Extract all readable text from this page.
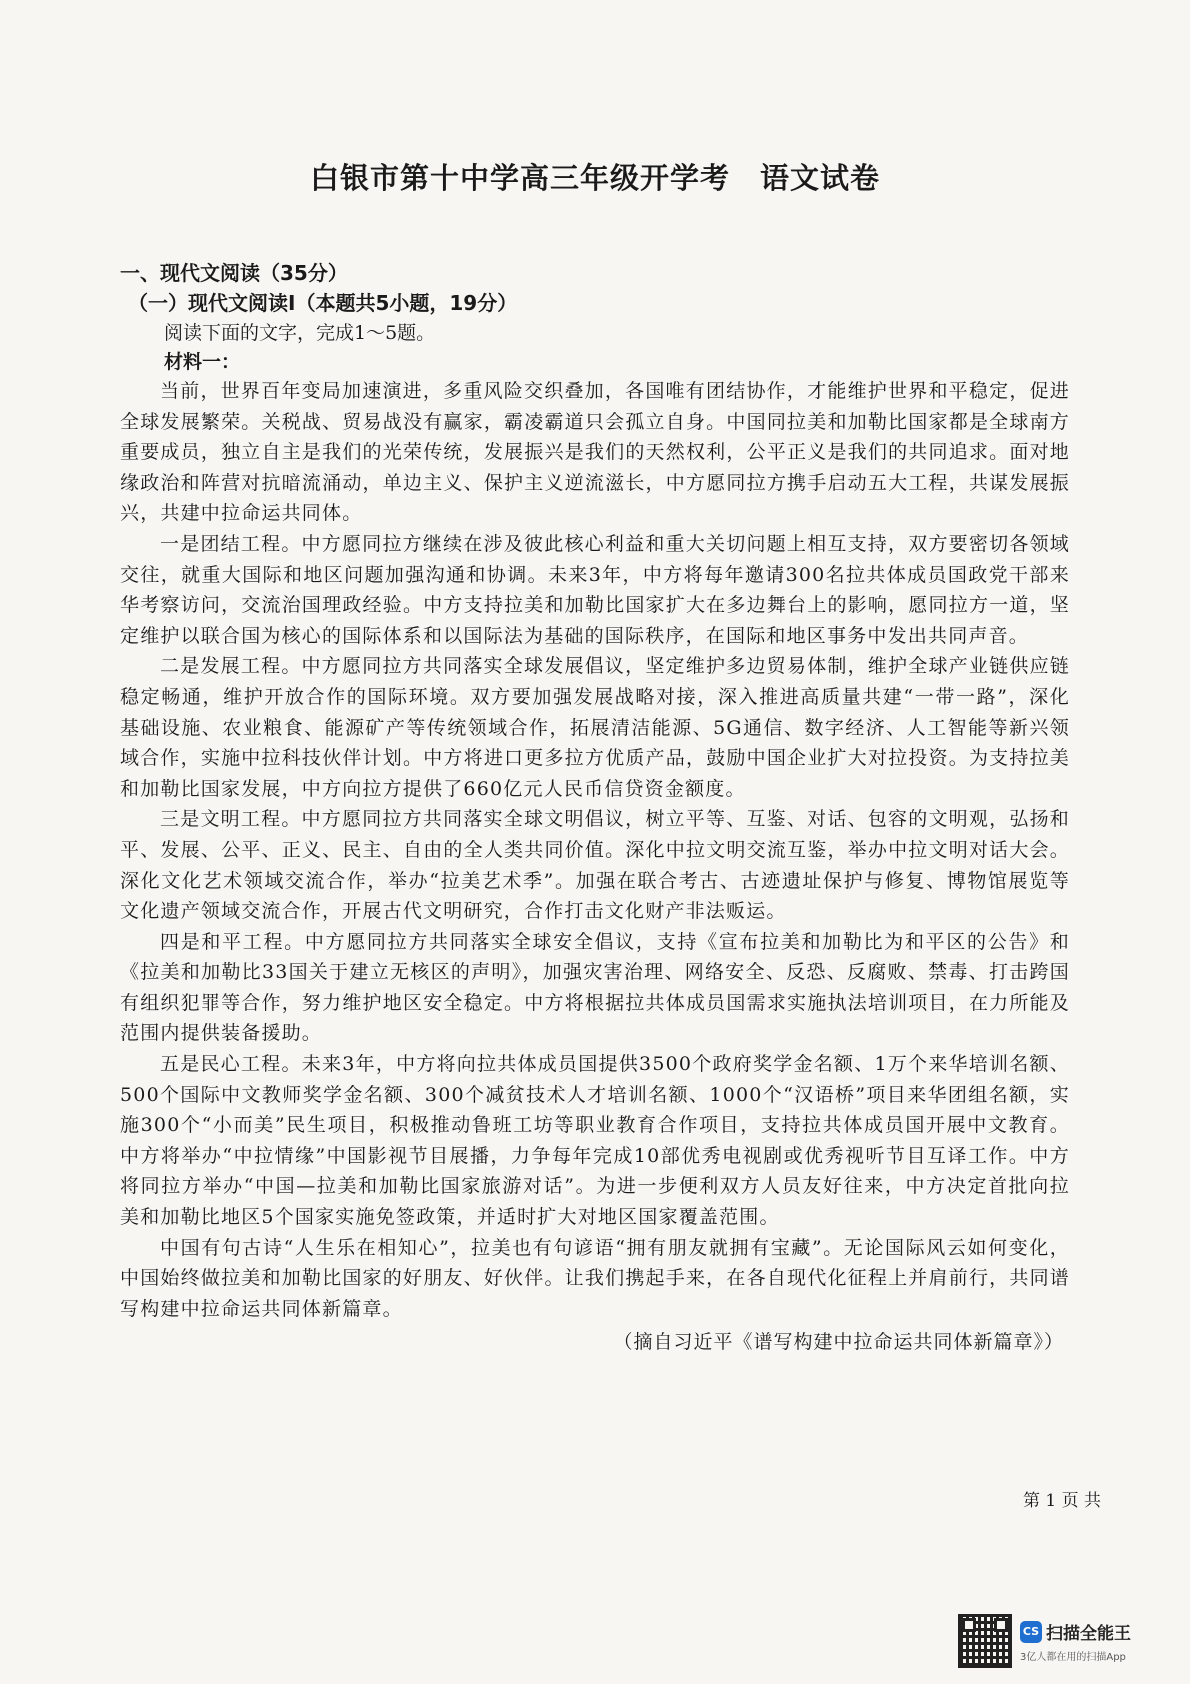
白银市第十中学高三年级开学考　语文试卷

一、现代文阅读（35分）

（一）现代文阅读Ⅰ（本题共5小题，19分）

阅读下面的文字，完成1～5题。

材料一：

当前，世界百年变局加速演进，多重风险交织叠加，各国唯有团结协作，才能维护世界和平稳定，促进全球发展繁荣。关税战、贸易战没有赢家，霸凌霸道只会孤立自身。中国同拉美和加勒比国家都是全球南方重要成员，独立自主是我们的光荣传统，发展振兴是我们的天然权利，公平正义是我们的共同追求。面对地缘政治和阵营对抗暗流涌动，单边主义、保护主义逆流滋长，中方愿同拉方携手启动五大工程，共谋发展振兴，共建中拉命运共同体。

一是团结工程。中方愿同拉方继续在涉及彼此核心利益和重大关切问题上相互支持，双方要密切各领域交往，就重大国际和地区问题加强沟通和协调。未来3年，中方将每年邀请300名拉共体成员国政党干部来华考察访问，交流治国理政经验。中方支持拉美和加勒比国家扩大在多边舞台上的影响，愿同拉方一道，坚定维护以联合国为核心的国际体系和以国际法为基础的国际秩序，在国际和地区事务中发出共同声音。

二是发展工程。中方愿同拉方共同落实全球发展倡议，坚定维护多边贸易体制，维护全球产业链供应链稳定畅通，维护开放合作的国际环境。双方要加强发展战略对接，深入推进高质量共建“一带一路”，深化基础设施、农业粮食、能源矿产等传统领域合作，拓展清洁能源、5G通信、数字经济、人工智能等新兴领域合作，实施中拉科技伙伴计划。中方将进口更多拉方优质产品，鼓励中国企业扩大对拉投资。为支持拉美和加勒比国家发展，中方向拉方提供了660亿元人民币信贷资金额度。

三是文明工程。中方愿同拉方共同落实全球文明倡议，树立平等、互鉴、对话、包容的文明观，弘扬和平、发展、公平、正义、民主、自由的全人类共同价值。深化中拉文明交流互鉴，举办中拉文明对话大会。深化文化艺术领域交流合作，举办“拉美艺术季”。加强在联合考古、古迹遗址保护与修复、博物馆展览等文化遗产领域交流合作，开展古代文明研究，合作打击文化财产非法贩运。

四是和平工程。中方愿同拉方共同落实全球安全倡议，支持《宣布拉美和加勒比为和平区的公告》和《拉美和加勒比33国关于建立无核区的声明》，加强灾害治理、网络安全、反恐、反腐败、禁毒、打击跨国有组织犯罪等合作，努力维护地区安全稳定。中方将根据拉共体成员国需求实施执法培训项目，在力所能及范围内提供装备援助。

五是民心工程。未来3年，中方将向拉共体成员国提供3500个政府奖学金名额、1万个来华培训名额、500个国际中文教师奖学金名额、300个减贫技术人才培训名额、1000个“汉语桥”项目来华团组名额，实施300个“小而美”民生项目，积极推动鲁班工坊等职业教育合作项目，支持拉共体成员国开展中文教育。中方将举办“中拉情缘”中国影视节目展播，力争每年完成10部优秀电视剧或优秀视听节目互译工作。中方将同拉方举办“中国—拉美和加勒比国家旅游对话”。为进一步便利双方人员友好往来，中方决定首批向拉美和加勒比地区5个国家实施免签政策，并适时扩大对地区国家覆盖范围。

中国有句古诗“人生乐在相知心”，拉美也有句谚语“拥有朋友就拥有宝藏”。无论国际风云如何变化，中国始终做拉美和加勒比国家的好朋友、好伙伴。让我们携起手来，在各自现代化征程上并肩前行，共同谱写构建中拉命运共同体新篇章。

（摘自习近平《谱写构建中拉命运共同体新篇章》）

第 1 页 共
CS 扫描全能王
3亿人都在用的扫描App
